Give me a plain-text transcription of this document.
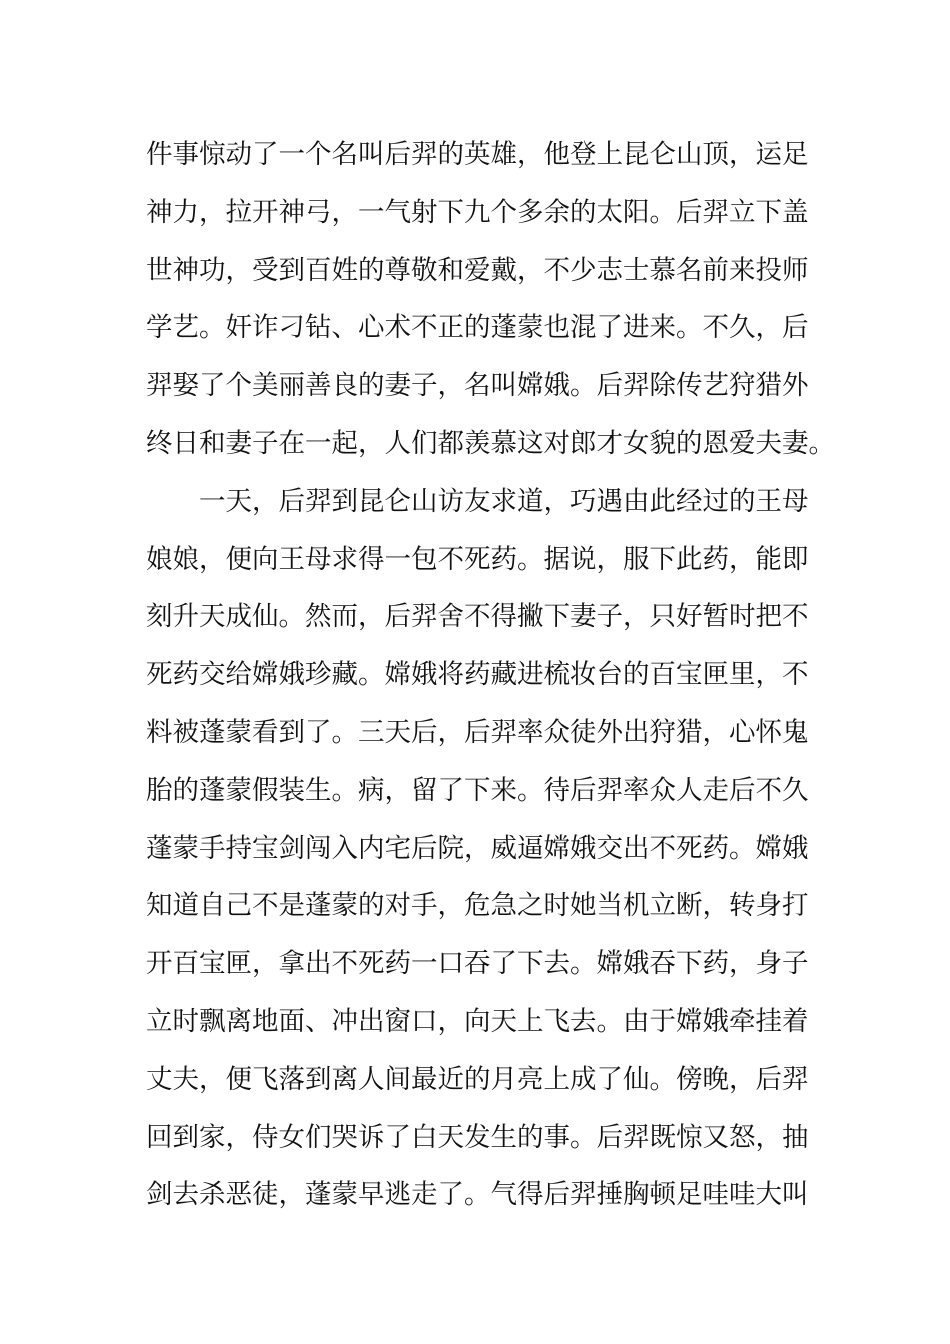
件事惊动了一个名叫后羿的英雄，他登上昆仑山顶，运足
神力，拉开神弓，一气射下九个多余的太阳。后羿立下盖
世神功，受到百姓的尊敬和爱戴，不少志士慕名前来投师
学艺。奸诈刁钻、心术不正的蓬蒙也混了进来。不久，后
羿娶了个美丽善良的妻子，名叫嫦娥。后羿除传艺狩猎外
终日和妻子在一起，人们都羡慕这对郎才女貌的恩爱夫妻。
　　一天，后羿到昆仑山访友求道，巧遇由此经过的王母
娘娘，便向王母求得一包不死药。据说，服下此药，能即
刻升天成仙。然而，后羿舍不得撇下妻子，只好暂时把不
死药交给嫦娥珍藏。嫦娥将药藏进梳妆台的百宝匣里，不
料被蓬蒙看到了。三天后，后羿率众徒外出狩猎，心怀鬼
胎的蓬蒙假装生。病，留了下来。待后羿率众人走后不久
蓬蒙手持宝剑闯入内宅后院，威逼嫦娥交出不死药。嫦娥
知道自己不是蓬蒙的对手，危急之时她当机立断，转身打
开百宝匣，拿出不死药一口吞了下去。嫦娥吞下药，身子
立时飘离地面、冲出窗口，向天上飞去。由于嫦娥牵挂着
丈夫，便飞落到离人间最近的月亮上成了仙。傍晚，后羿
回到家，侍女们哭诉了白天发生的事。后羿既惊又怒，抽
剑去杀恶徒，蓬蒙早逃走了。气得后羿捶胸顿足哇哇大叫
